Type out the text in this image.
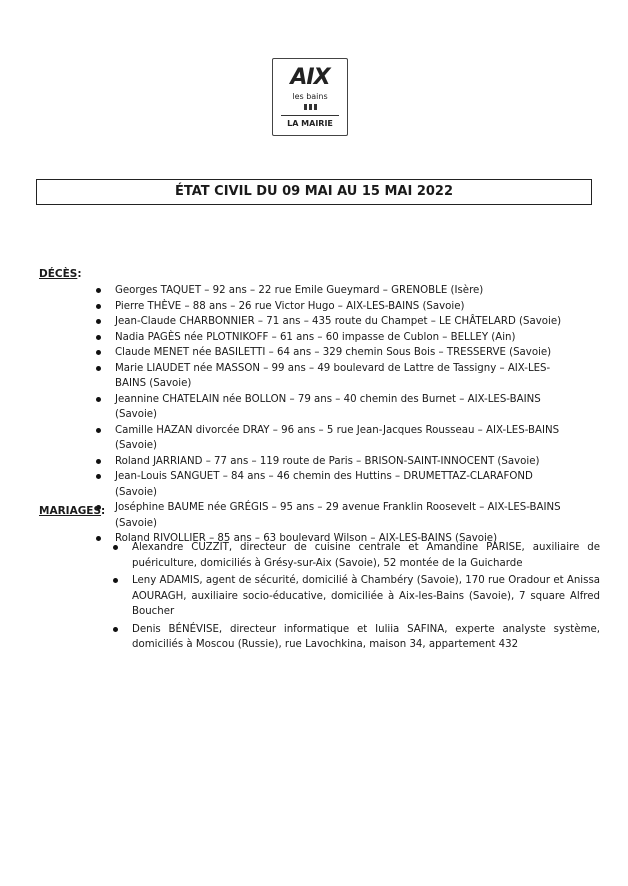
AIX
les bains
LA MAIRIE
ÉTAT CIVIL DU 09 MAI AU 15 MAI 2022
DÉCÈS:
Georges TAQUET – 92 ans – 22 rue Emile Gueymard – GRENOBLE (Isère)
Pierre THÈVE – 88 ans – 26 rue Victor Hugo – AIX-LES-BAINS (Savoie)
Jean-Claude CHARBONNIER – 71 ans – 435 route du Champet – LE CHÂTELARD (Savoie)
Nadia PAGÈS née PLOTNIKOFF – 61 ans – 60 impasse de Cublon – BELLEY (Ain)
Claude MENET née BASILETTI – 64 ans – 329 chemin Sous Bois – TRESSERVE (Savoie)
Marie LIAUDET née MASSON – 99 ans – 49 boulevard de Lattre de Tassigny – AIX-LES-BAINS (Savoie)
Jeannine CHATELAIN née BOLLON – 79 ans – 40 chemin des Burnet – AIX-LES-BAINS (Savoie)
Camille HAZAN divorcée DRAY – 96 ans – 5 rue Jean-Jacques Rousseau – AIX-LES-BAINS (Savoie)
Roland JARRIAND – 77 ans – 119 route de Paris – BRISON-SAINT-INNOCENT (Savoie)
Jean-Louis SANGUET – 84 ans – 46 chemin des Huttins – DRUMETTAZ-CLARAFOND (Savoie)
Joséphine BAUME née GRÉGIS – 95 ans – 29 avenue Franklin Roosevelt – AIX-LES-BAINS (Savoie)
Roland RIVOLLIER – 85 ans – 63 boulevard Wilson – AIX-LES-BAINS (Savoie)
MARIAGES:
Alexandre CUZZIT, directeur de cuisine centrale et Amandine PARISE, auxiliaire de puériculture, domiciliés à Grésy-sur-Aix (Savoie), 52 montée de la Guicharde
Leny ADAMIS, agent de sécurité, domicilié à Chambéry (Savoie), 170 rue Oradour et Anissa AOURAGH, auxiliaire socio-éducative, domiciliée à Aix-les-Bains (Savoie), 7 square Alfred Boucher
Denis BÉNÉVISE, directeur informatique et Iuliia SAFINA, experte analyste système, domiciliés à Moscou (Russie), rue Lavochkina, maison 34, appartement 432
